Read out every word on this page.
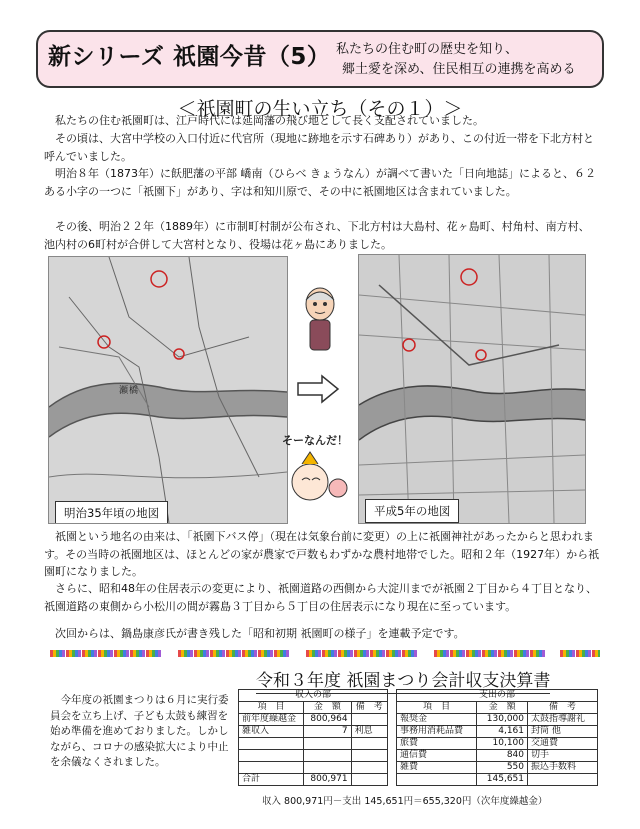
新シリーズ 祇園今昔（5） 私たちの住む町の歴史を知り、
郷土愛を深め、住民相互の連携を高める
＜祇園町の生い立ち（その１）＞
　私たちの住む祇園町は、江戸時代には延岡藩の飛び地として長く支配されていました。
　その頃は、大宮中学校の入口付近に代官所（現地に跡地を示す石碑あり）があり、この付近一帯を下北方村と呼んでいました。
　明治８年（1873年）に飫肥藩の平部 嶠南（ひらべ きょうなん）が調べて書いた「日向地誌」によると、６２ある小字の一つに「祇園下」があり、字は和知川原で、その中に祇園地区は含まれていました。
　その後、明治２２年（1889年）に市制町村制が公布され、下北方村は大島村、花ヶ島町、村角村、南方村、池内村の6町村が合併して大宮村となり、役場は花ヶ島にありました。
瀬 橋
明治35年頃の地図
そーなんだ！
平成5年の地図
　祇園という地名の由来は、「祇園下バス停」（現在は気象台前に変更）の上に祇園神社があったからと思われます。その当時の祇園地区は、ほとんどの家が農家で戸数もわずかな農村地帯でした。昭和２年（1927年）から祇園町になりました。
　さらに、昭和48年の住居表示の変更により、祇園道路の西側から大淀川までが祇園２丁目から４丁目となり、祇園道路の東側から小松川の間が霧島３丁目から５丁目の住居表示になり現在に至っています。
　次回からは、鍋島康彦氏が書き残した「昭和初期 祇園町の様子」を連載予定です。
令和３年度 祇園まつり会計収支決算書
　今年度の祇園まつりは６月に実行委員会を立ち上げ、子ども太鼓も練習を始め準備を進めておりました。しかしながら、コロナの感染拡大により中止を余儀なくされました。
収入の部		
項　目	金　額	備　考
前年度繰越金	800,964	
雑収入	7	利息

合計	800,971	
支出の部		
項　目	金　額	備　考
報奨金	130,000	太鼓指導謝礼
事務用消耗品費	4,161	封筒 他
旅費	10,100	交通費
通信費	840	切手
雑費	550	振込手数料
	145,651	
収入 800,971円－支出 145,651円＝655,320円（次年度繰越金）
